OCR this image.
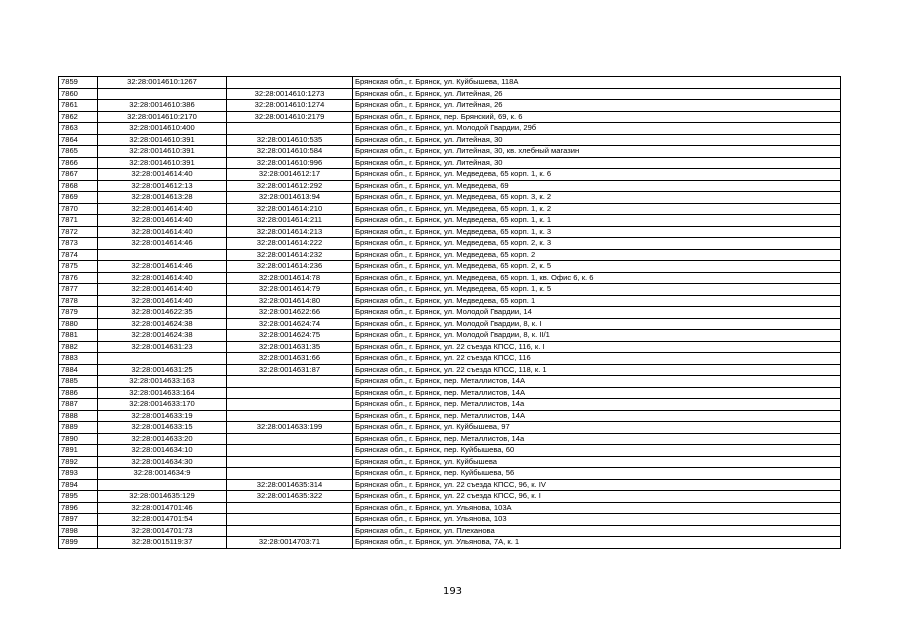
7859	32:28:0014610:1267		Брянская обл., г. Брянск, ул. Куйбышева, 118А
7860		32:28:0014610:1273	Брянская обл., г. Брянск, ул. Литейная, 26
7861	32:28:0014610:386	32:28:0014610:1274	Брянская обл., г. Брянск, ул. Литейная, 26
7862	32:28:0014610:2170	32:28:0014610:2179	Брянская обл., г. Брянск, пер. Брянский, 69, к. 6
7863	32:28:0014610:400		Брянская обл., г. Брянск, ул. Молодой Гвардии, 29б
7864	32:28:0014610:391	32:28:0014610:535	Брянская обл., г. Брянск, ул. Литейная, 30
7865	32:28:0014610:391	32:28:0014610:584	Брянская обл., г. Брянск, ул. Литейная, 30, кв. хлебный магазин
7866	32:28:0014610:391	32:28:0014610:996	Брянская обл., г. Брянск, ул. Литейная, 30
7867	32:28:0014614:40	32:28:0014612:17	Брянская обл., г. Брянск, ул. Медведева, 65 корп. 1, к. 6
7868	32:28:0014612:13	32:28:0014612:292	Брянская обл., г. Брянск, ул. Медведева, 69
7869	32:28:0014613:28	32:28:0014613:94	Брянская обл., г. Брянск, ул. Медведева, 65 корп. 3, к. 2
7870	32:28:0014614:40	32:28:0014614:210	Брянская обл., г. Брянск, ул. Медведева, 65 корп. 1, к. 2
7871	32:28:0014614:40	32:28:0014614:211	Брянская обл., г. Брянск, ул. Медведева, 65 корп. 1, к. 1
7872	32:28:0014614:40	32:28:0014614:213	Брянская обл., г. Брянск, ул. Медведева, 65 корп. 1, к. 3
7873	32:28:0014614:46	32:28:0014614:222	Брянская обл., г. Брянск, ул. Медведева, 65 корп. 2, к. 3
7874		32:28:0014614:232	Брянская обл., г. Брянск, ул. Медведева, 65 корп. 2
7875	32:28:0014614:46	32:28:0014614:236	Брянская обл., г. Брянск, ул. Медведева, 65 корп. 2, к. 5
7876	32:28:0014614:40	32:28:0014614:78	Брянская обл., г. Брянск, ул. Медведева, 65 корп. 1, кв. Офис 6, к. 6
7877	32:28:0014614:40	32:28:0014614:79	Брянская обл., г. Брянск, ул. Медведева, 65 корп. 1, к. 5
7878	32:28:0014614:40	32:28:0014614:80	Брянская обл., г. Брянск, ул. Медведева, 65 корп. 1
7879	32:28:0014622:35	32:28:0014622:66	Брянская обл., г. Брянск, ул. Молодой Гвардии, 14
7880	32:28:0014624:38	32:28:0014624:74	Брянская обл., г. Брянск, ул. Молодой Гвардии, 8, к. I
7881	32:28:0014624:38	32:28:0014624:75	Брянская обл., г. Брянск, ул. Молодой Гвардии, 8, к. II/1
7882	32:28:0014631:23	32:28:0014631:35	Брянская обл., г. Брянск, ул. 22 съезда КПСС, 116, к. I
7883		32:28:0014631:66	Брянская обл., г. Брянск, ул. 22 съезда КПСС, 116
7884	32:28:0014631:25	32:28:0014631:87	Брянская обл., г. Брянск, ул. 22 съезда КПСС, 118, к. 1
7885	32:28:0014633:163		Брянская обл., г. Брянск, пер. Металлистов, 14А
7886	32:28:0014633:164		Брянская обл., г. Брянск, пер. Металлистов, 14А
7887	32:28:0014633:170		Брянская обл., г. Брянск, пер. Металлистов, 14а
7888	32:28:0014633:19		Брянская обл., г. Брянск, пер. Металлистов, 14А
7889	32:28:0014633:15	32:28:0014633:199	Брянская обл., г. Брянск, ул. Куйбышева, 97
7890	32:28:0014633:20		Брянская обл., г. Брянск, пер. Металлистов, 14а
7891	32:28:0014634:10		Брянская обл., г. Брянск, пер. Куйбышева, 60
7892	32:28:0014634:30		Брянская обл., г. Брянск, ул. Куйбышева
7893	32:28:0014634:9		Брянская обл., г. Брянск, пер. Куйбышева, 56
7894		32:28:0014635:314	Брянская обл., г. Брянск, ул. 22 съезда КПСС, 96, к. IV
7895	32:28:0014635:129	32:28:0014635:322	Брянская обл., г. Брянск, ул. 22 съезда КПСС, 96, к. I
7896	32:28:0014701:46		Брянская обл., г. Брянск, ул. Ульянова, 103А
7897	32:28:0014701:54		Брянская обл., г. Брянск, ул. Ульянова, 103
7898	32:28:0014701:73		Брянская обл., г. Брянск, ул. Плеханова
7899	32:28:0015119:37	32:28:0014703:71	Брянская обл., г. Брянск, ул. Ульянова, 7А, к. 1
193
